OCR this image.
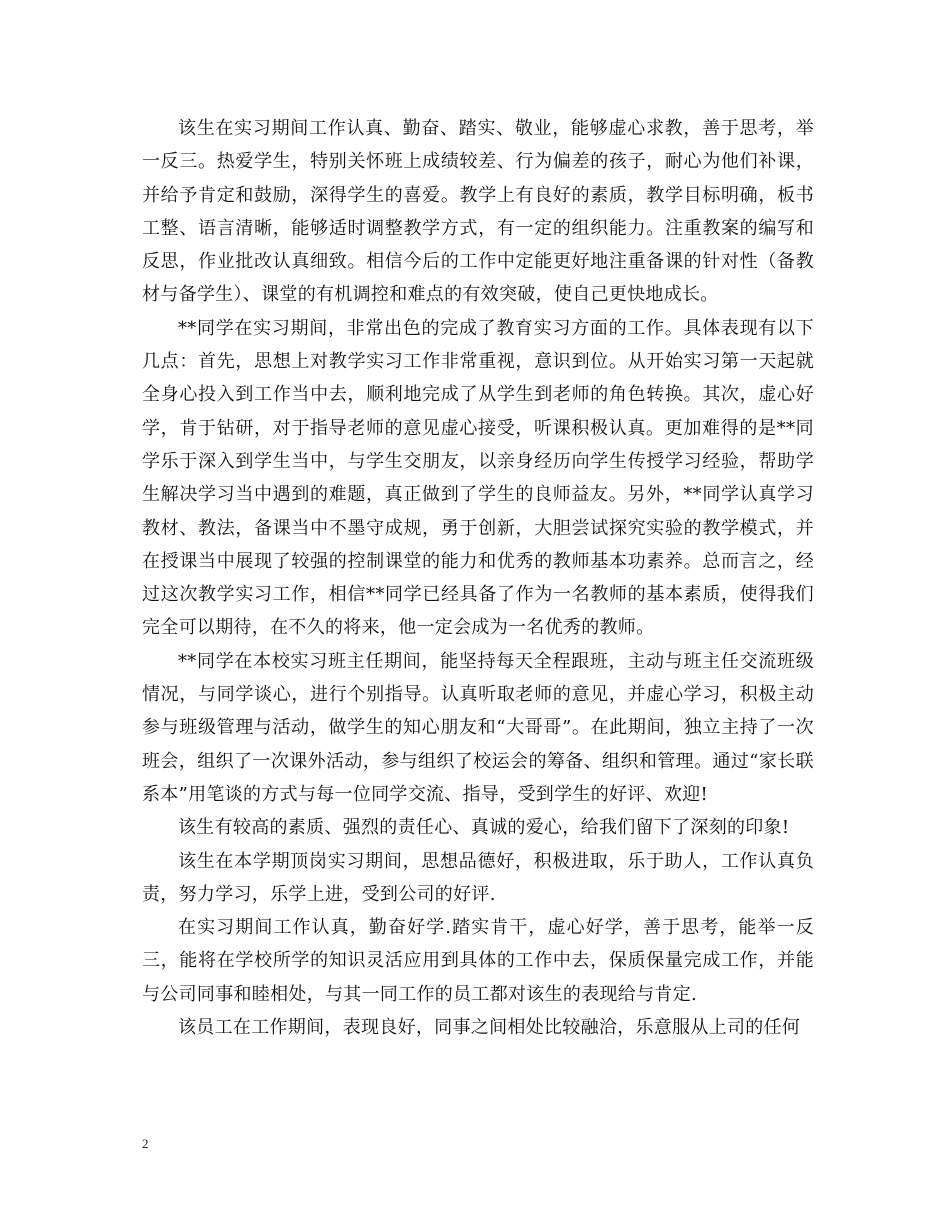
该生在实习期间工作认真、勤奋、踏实、敬业，能够虚心求教，善于思考，举一反三。热爱学生，特别关怀班上成绩较差、行为偏差的孩子，耐心为他们补课，并给予肯定和鼓励，深得学生的喜爱。教学上有良好的素质，教学目标明确，板书工整、语言清晰，能够适时调整教学方式，有一定的组织能力。注重教案的编写和反思，作业批改认真细致。相信今后的工作中定能更好地注重备课的针对性（备教材与备学生）、课堂的有机调控和难点的有效突破，使自己更快地成长。

**同学在实习期间，非常出色的完成了教育实习方面的工作。具体表现有以下几点：首先，思想上对教学实习工作非常重视，意识到位。从开始实习第一天起就全身心投入到工作当中去，顺利地完成了从学生到老师的角色转换。其次，虚心好学，肯于钻研，对于指导老师的意见虚心接受，听课积极认真。更加难得的是**同学乐于深入到学生当中，与学生交朋友，以亲身经历向学生传授学习经验，帮助学生解决学习当中遇到的难题，真正做到了学生的良师益友。另外，**同学认真学习教材、教法，备课当中不墨守成规，勇于创新，大胆尝试探究实验的教学模式，并在授课当中展现了较强的控制课堂的能力和优秀的教师基本功素养。总而言之，经过这次教学实习工作，相信**同学已经具备了作为一名教师的基本素质，使得我们完全可以期待，在不久的将来，他一定会成为一名优秀的教师。

**同学在本校实习班主任期间，能坚持每天全程跟班，主动与班主任交流班级情况，与同学谈心，进行个别指导。认真听取老师的意见，并虚心学习，积极主动参与班级管理与活动，做学生的知心朋友和“大哥哥”。在此期间，独立主持了一次班会，组织了一次课外活动，参与组织了校运会的筹备、组织和管理。通过“家长联系本”用笔谈的方式与每一位同学交流、指导，受到学生的好评、欢迎!

该生有较高的素质、强烈的责任心、真诚的爱心，给我们留下了深刻的印象!

该生在本学期顶岗实习期间，思想品德好，积极进取，乐于助人，工作认真负责，努力学习，乐学上进，受到公司的好评.

在实习期间工作认真，勤奋好学.踏实肯干，虚心好学，善于思考，能举一反三，能将在学校所学的知识灵活应用到具体的工作中去，保质保量完成工作，并能与公司同事和睦相处，与其一同工作的员工都对该生的表现给与肯定.

该员工在工作期间，表现良好，同事之间相处比较融洽，乐意服从上司的任何

2
